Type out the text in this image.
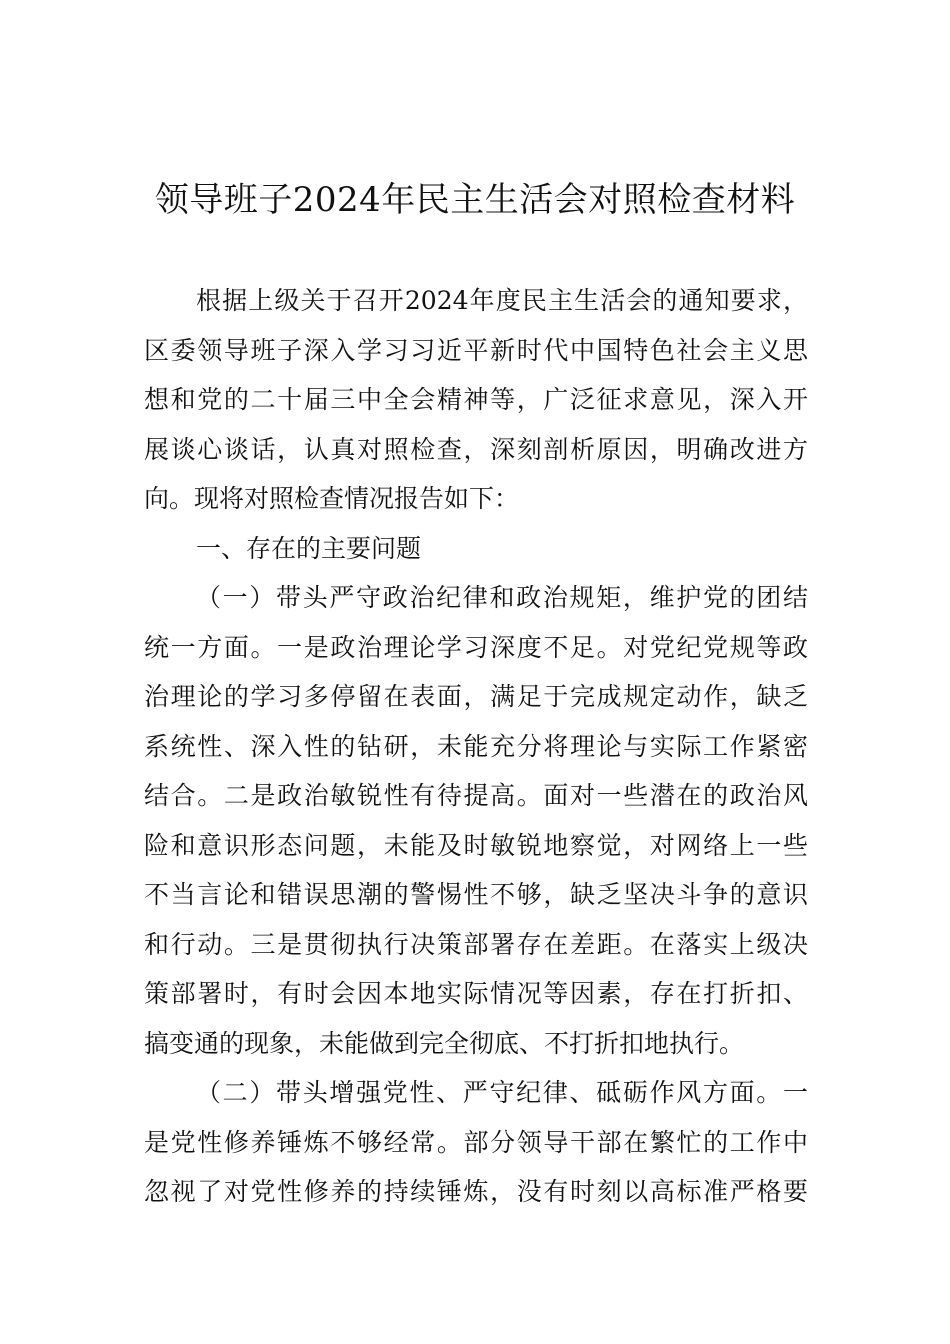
领导班子2024年民主生活会对照检查材料
根据上级关于召开2024年度民主生活会的通知要求，
区委领导班子深入学习习近平新时代中国特色社会主义思
想和党的二十届三中全会精神等，广泛征求意见，深入开
展谈心谈话，认真对照检查，深刻剖析原因，明确改进方
向。现将对照检查情况报告如下：
一、存在的主要问题
（一）带头严守政治纪律和政治规矩，维护党的团结
统一方面。一是政治理论学习深度不足。对党纪党规等政
治理论的学习多停留在表面，满足于完成规定动作，缺乏
系统性、深入性的钻研，未能充分将理论与实际工作紧密
结合。二是政治敏锐性有待提高。面对一些潜在的政治风
险和意识形态问题，未能及时敏锐地察觉，对网络上一些
不当言论和错误思潮的警惕性不够，缺乏坚决斗争的意识
和行动。三是贯彻执行决策部署存在差距。在落实上级决
策部署时，有时会因本地实际情况等因素，存在打折扣、
搞变通的现象，未能做到完全彻底、不打折扣地执行。
（二）带头增强党性、严守纪律、砥砺作风方面。一
是党性修养锤炼不够经常。部分领导干部在繁忙的工作中
忽视了对党性修养的持续锤炼，没有时刻以高标准严格要
